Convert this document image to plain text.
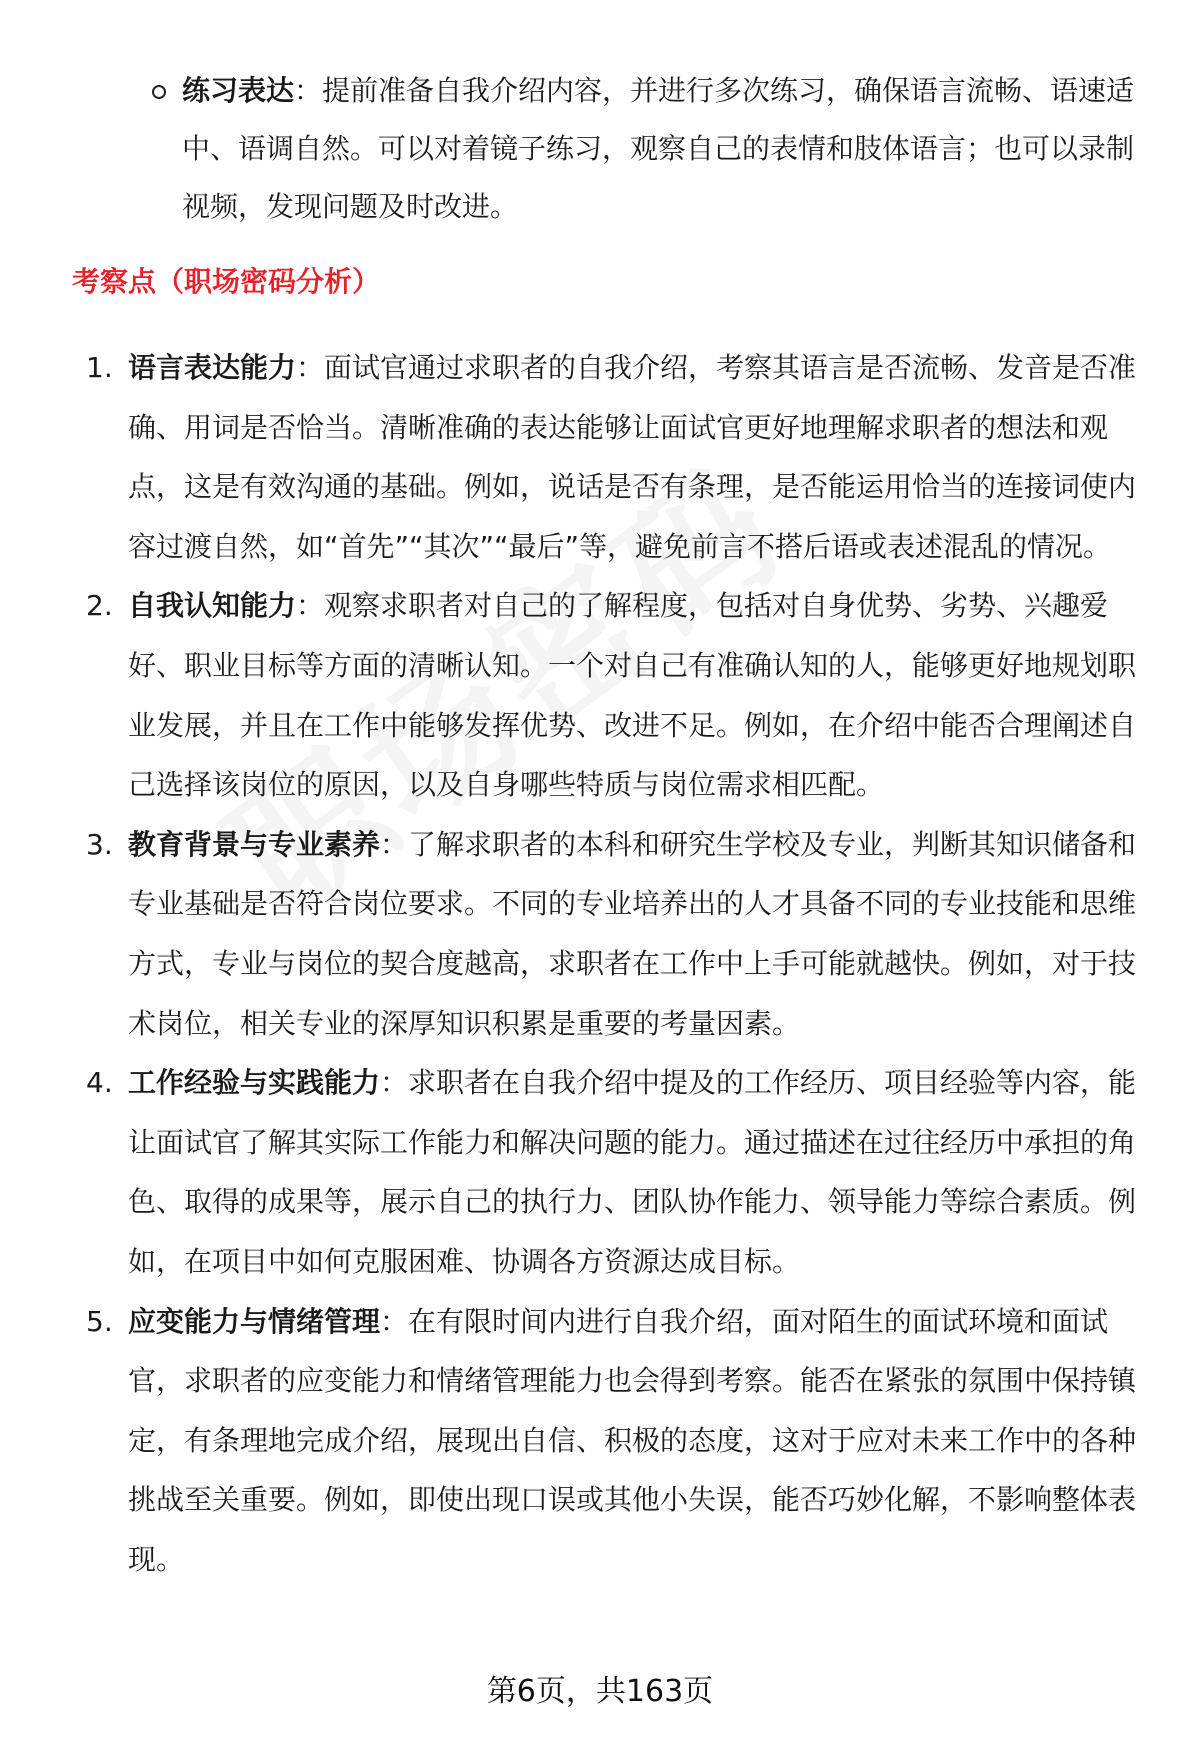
练习表达：提前准备自我介绍内容，并进行多次练习，确保语言流畅、语速适中、语调自然。可以对着镜子练习，观察自己的表情和肢体语言；也可以录制视频，发现问题及时改进。
考察点（职场密码分析）
1. 语言表达能力：面试官通过求职者的自我介绍，考察其语言是否流畅、发音是否准确、用词是否恰当。清晰准确的表达能够让面试官更好地理解求职者的想法和观点，这是有效沟通的基础。例如，说话是否有条理，是否能运用恰当的连接词使内容过渡自然，如“首先”“其次”“最后”等，避免前言不搭后语或表述混乱的情况。
2. 自我认知能力：观察求职者对自己的了解程度，包括对自身优势、劣势、兴趣爱好、职业目标等方面的清晰认知。一个对自己有准确认知的人，能够更好地规划职业发展，并且在工作中能够发挥优势、改进不足。例如，在介绍中能否合理阐述自己选择该岗位的原因，以及自身哪些特质与岗位需求相匹配。
3. 教育背景与专业素养：了解求职者的本科和研究生学校及专业，判断其知识储备和专业基础是否符合岗位要求。不同的专业培养出的人才具备不同的专业技能和思维方式，专业与岗位的契合度越高，求职者在工作中上手可能就越快。例如，对于技术岗位，相关专业的深厚知识积累是重要的考量因素。
4. 工作经验与实践能力：求职者在自我介绍中提及的工作经历、项目经验等内容，能让面试官了解其实际工作能力和解决问题的能力。通过描述在过往经历中承担的角色、取得的成果等，展示自己的执行力、团队协作能力、领导能力等综合素质。例如，在项目中如何克服困难、协调各方资源达成目标。
5. 应变能力与情绪管理：在有限时间内进行自我介绍，面对陌生的面试环境和面试官，求职者的应变能力和情绪管理能力也会得到考察。能否在紧张的氛围中保持镇定，有条理地完成介绍，展现出自信、积极的态度，这对于应对未来工作中的各种挑战至关重要。例如，即使出现口误或其他小失误，能否巧妙化解，不影响整体表现。
第6页，共163页
